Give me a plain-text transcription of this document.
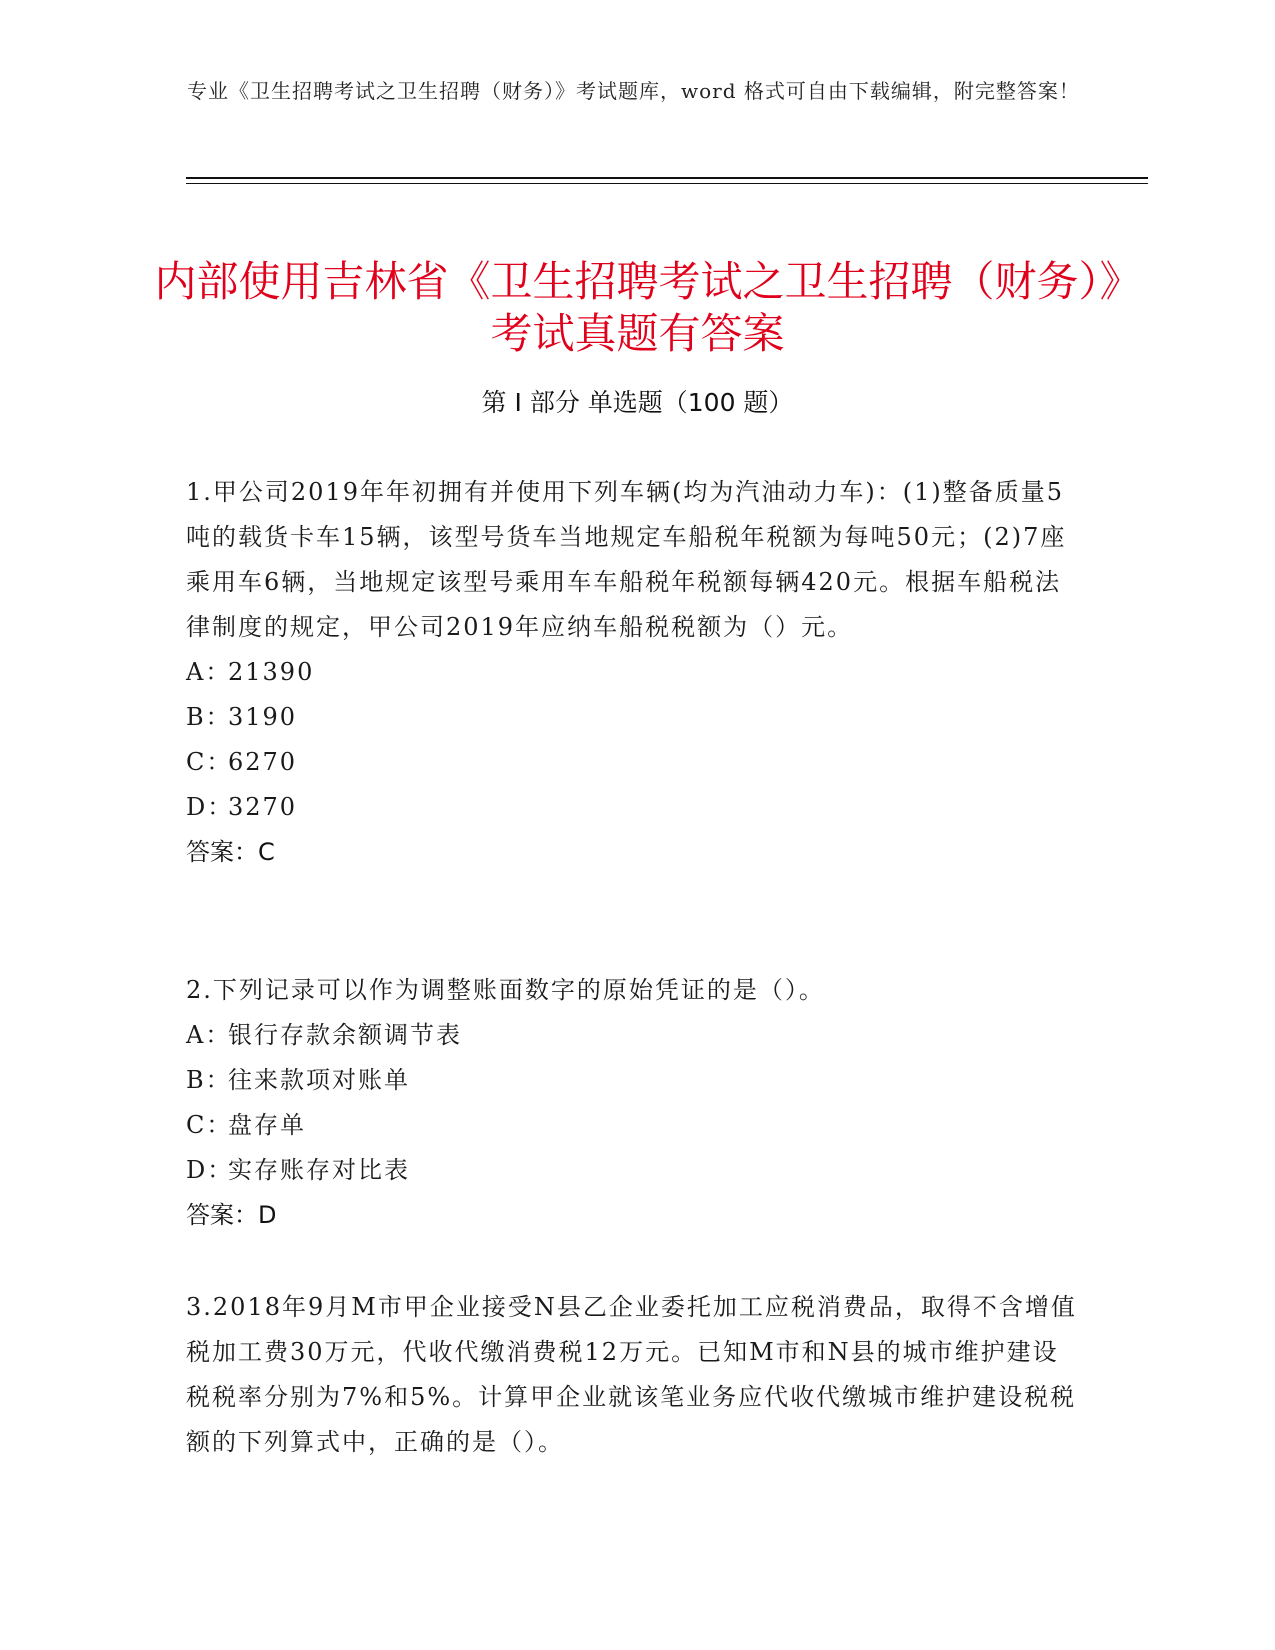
专业《卫生招聘考试之卫生招聘（财务）》考试题库，word 格式可自由下载编辑，附完整答案！
内部使用吉林省《卫生招聘考试之卫生招聘（财务）》考试真题有答案
第 I 部分 单选题（100 题）

1.甲公司2019年年初拥有并使用下列车辆(均为汽油动力车)：(1)整备质量5吨的载货卡车15辆，该型号货车当地规定车船税年税额为每吨50元；(2)7座乘用车6辆，当地规定该型号乘用车车船税年税额每辆420元。根据车船税法律制度的规定，甲公司2019年应纳车船税税额为（）元。

A：
21390
B：
3190
C：
6270
D：
3270
答案：C

2.下列记录可以作为调整账面数字的原始凭证的是（）。

A：
银行存款余额调节表
B：
往来款项对账单
C：
盘存单
D：
实存账存对比表
答案：D

3.2018年9月M市甲企业接受N县乙企业委托加工应税消费品，取得不含增值税加工费30万元，代收代缴消费税12万元。已知M市和N县的城市维护建设税税率分别为7%和5%。计算甲企业就该笔业务应代收代缴城市维护建设税税额的下列算式中，正确的是（）。
